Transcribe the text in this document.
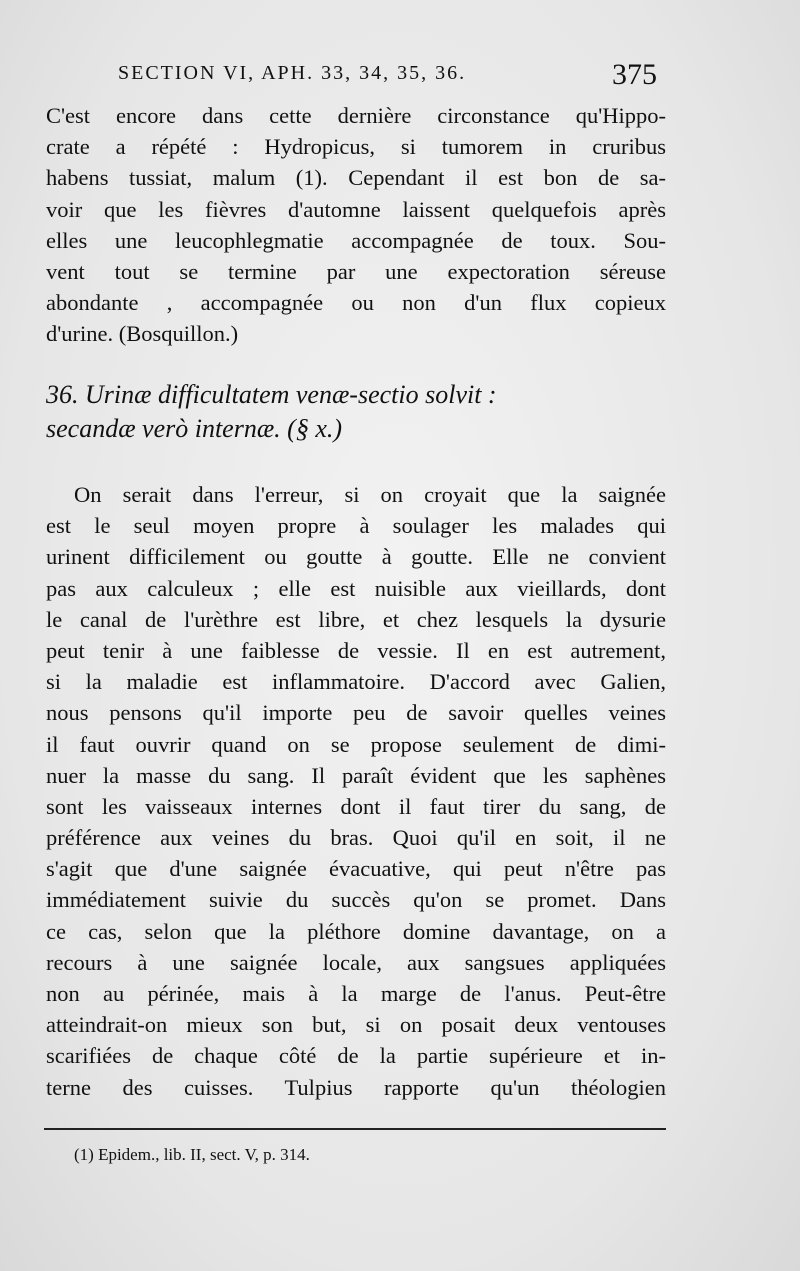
SECTION VI, APH. 33, 34, 35, 36.	375
C'est encore dans cette dernière circonstance qu'Hippo-
crate a répété : Hydropicus, si tumorem in cruribus
habens tussiat, malum (1). Cependant il est bon de sa-
voir que les fièvres d'automne laissent quelquefois après
elles une leucophlegmatie accompagnée de toux. Sou-
vent tout se termine par une expectoration séreuse
abondante , accompagnée ou non d'un flux copieux
d'urine. (Bosquillon.)
36. Urinæ difficultatem venæ-sectio solvit :
secandæ verò internæ. (§ x.)
On serait dans l'erreur, si on croyait que la saignée
est le seul moyen propre à soulager les malades qui
urinent difficilement ou goutte à goutte. Elle ne convient
pas aux calculeux ; elle est nuisible aux vieillards, dont
le canal de l'urèthre est libre, et chez lesquels la dysurie
peut tenir à une faiblesse de vessie. Il en est autrement,
si la maladie est inflammatoire. D'accord avec Galien,
nous pensons qu'il importe peu de savoir quelles veines
il faut ouvrir quand on se propose seulement de dimi-
nuer la masse du sang. Il paraît évident que les saphènes
sont les vaisseaux internes dont il faut tirer du sang, de
préférence aux veines du bras. Quoi qu'il en soit, il ne
s'agit que d'une saignée évacuative, qui peut n'être pas
immédiatement suivie du succès qu'on se promet. Dans
ce cas, selon que la pléthore domine davantage, on a
recours à une saignée locale, aux sangsues appliquées
non au périnée, mais à la marge de l'anus. Peut-être
atteindrait-on mieux son but, si on posait deux ventouses
scarifiées de chaque côté de la partie supérieure et in-
terne des cuisses. Tulpius rapporte qu'un théologien
(1) Epidem., lib. II, sect. V, p. 314.
